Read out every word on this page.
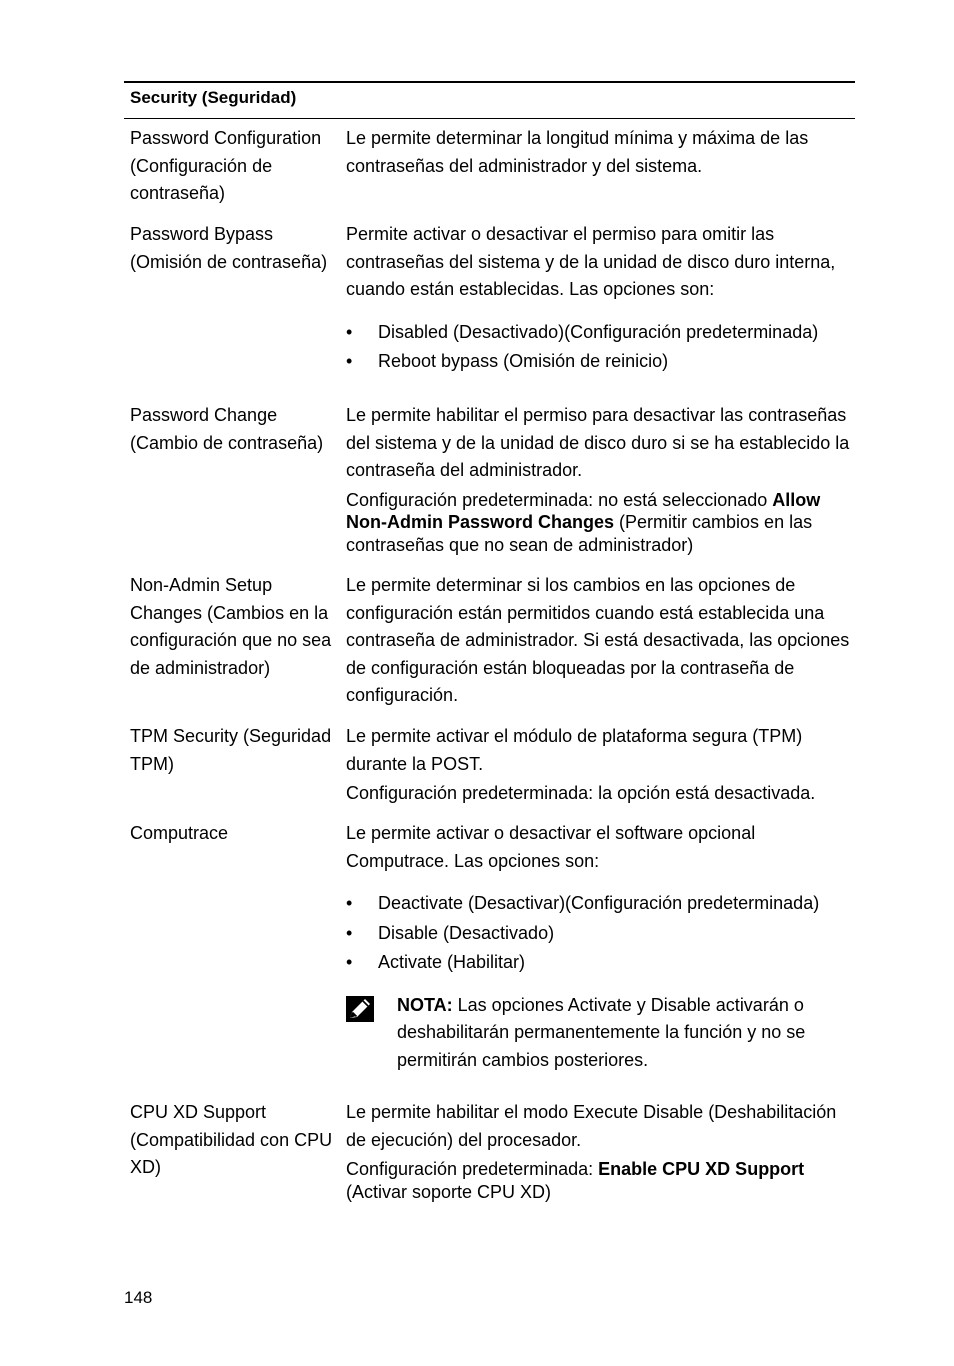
Security (Seguridad)
Password Configuration (Configuración de contraseña)

Le permite determinar la longitud mínima y máxima de las contraseñas del administrador y del sistema.

Password Bypass (Omisión de contraseña)

Permite activar o desactivar el permiso para omitir las contraseñas del sistema y de la unidad de disco duro interna, cuando están establecidas. Las opciones son:

• Disabled (Desactivado)(Configuración predeterminada)
• Reboot bypass (Omisión de reinicio)
Password Change (Cambio de contraseña)

Le permite habilitar el permiso para desactivar las contraseñas del sistema y de la unidad de disco duro si se ha establecido la contraseña del administrador.

Configuración predeterminada: no está seleccionado Allow Non-Admin Password Changes (Permitir cambios en las contraseñas que no sean de administrador)

Non-Admin Setup Changes (Cambios en la configuración que no sea de administrador)

Le permite determinar si los cambios en las opciones de configuración están permitidos cuando está establecida una contraseña de administrador. Si está desactivada, las opciones de configuración están bloqueadas por la contraseña de configuración.

TPM Security (Seguridad TPM)

Le permite activar el módulo de plataforma segura (TPM) durante la POST.

Configuración predeterminada: la opción está desactivada.

Computrace	Le permite activar o desactivar el software opcional Computrace. Las opciones son:

• Deactivate (Desactivar)(Configuración predeterminada)
• Disable (Desactivado)
• Activate (Habilitar)

NOTA: Las opciones Activate y Disable activarán o deshabilitarán permanentemente la función y no se permitirán cambios posteriores.

CPU XD Support (Compatibilidad con CPU XD)

Le permite habilitar el modo Execute Disable (Deshabilitación de ejecución) del procesador.

Configuración predeterminada: Enable CPU XD Support (Activar soporte CPU XD)

148
